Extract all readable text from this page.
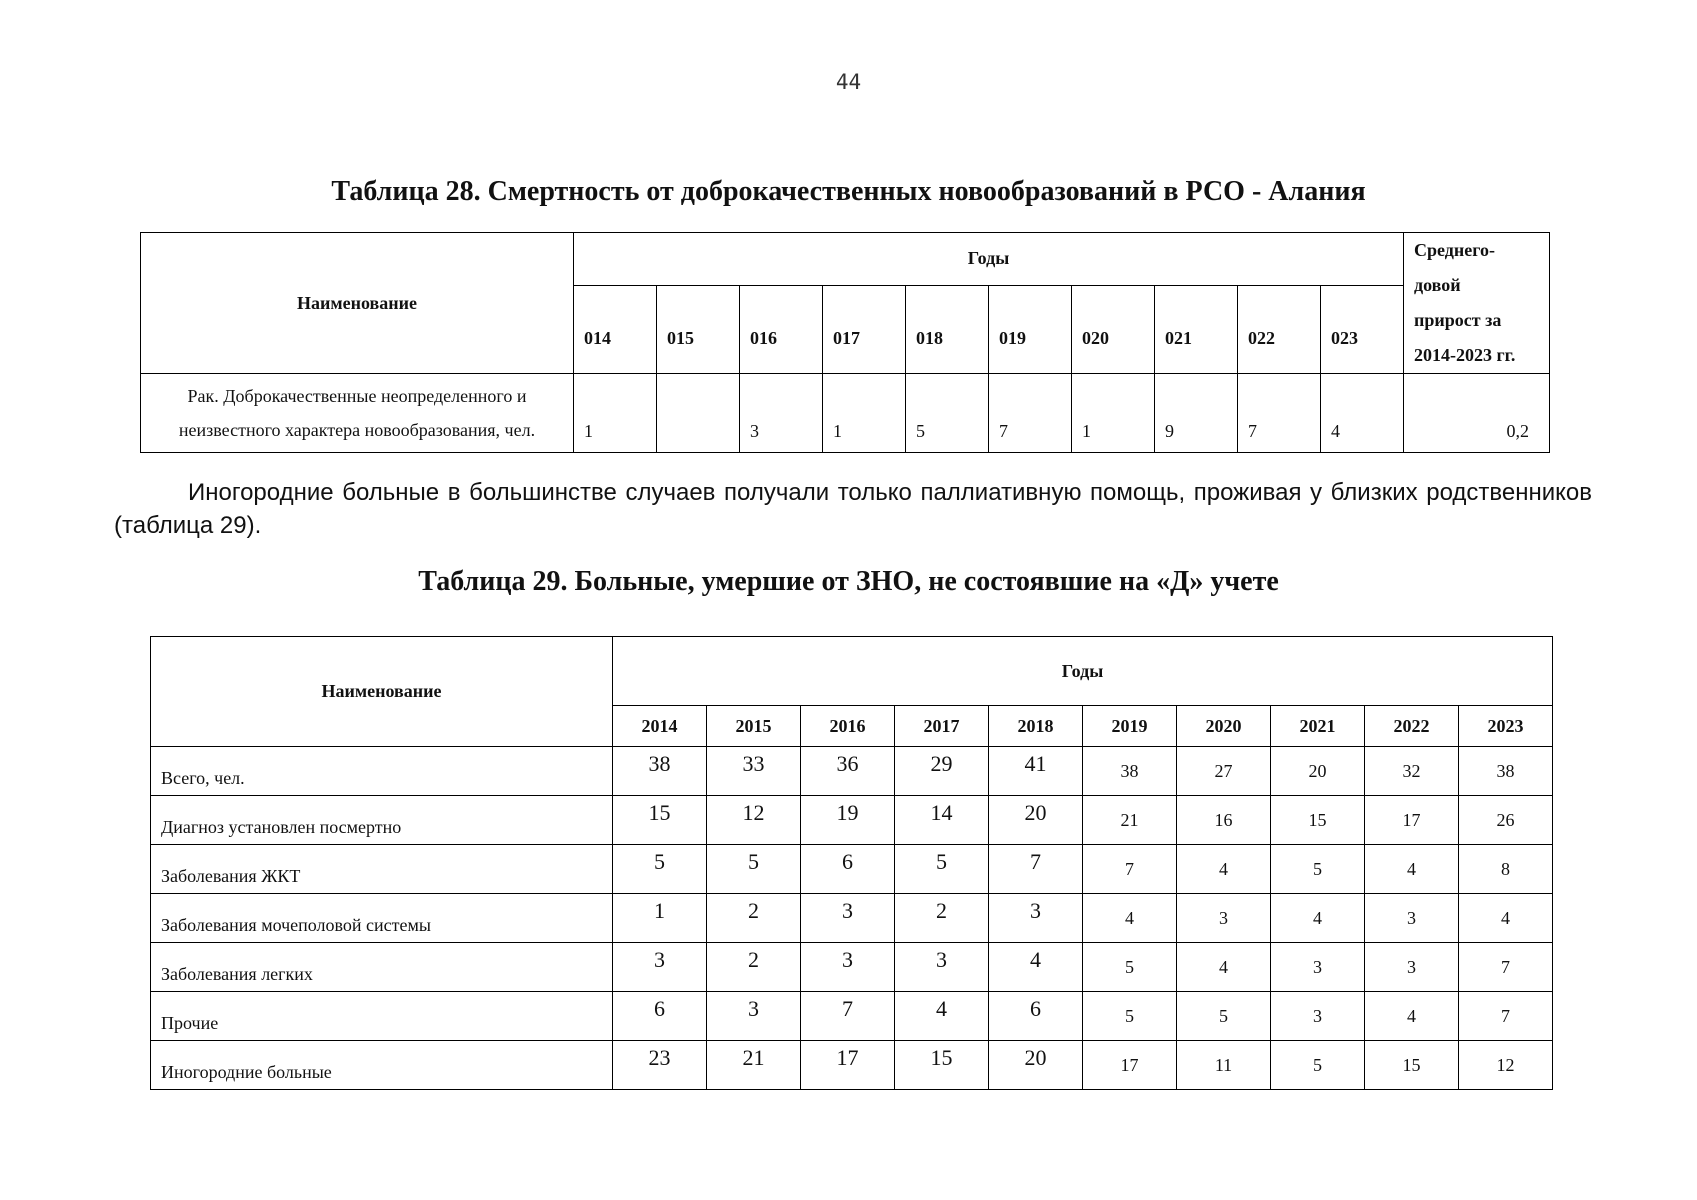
44
Таблица 28. Смертность от доброкачественных новообразований в РСО - Алания
Наименование	Годы										Среднего-
довой
прирост за
2014-2023 гг.
	014	015	016	017	018	019	020	021	022	023	
Рак. Доброкачественные неопределенного и
неизвестного характера новообразования, чел.	1		3	1	5	7	1	9	7	4	0,2

Иногородние больные в большинстве случаев получали только паллиативную помощь, проживая у близких родственников (таблица 29).

Таблица 29. Больные, умершие от ЗНО, не состоявшие на «Д» учете
Наименование	Годы									
	2014	2015	2016	2017	2018	2019	2020	2021	2022	2023
Всего, чел.	38	33	36	29	41	38	27	20	32	38
Диагноз установлен посмертно	15	12	19	14	20	21	16	15	17	26
Заболевания ЖКТ	5	5	6	5	7	7	4	5	4	8
Заболевания мочеполовой системы	1	2	3	2	3	4	3	4	3	4
Заболевания легких	3	2	3	3	4	5	4	3	3	7
Прочие	6	3	7	4	6	5	5	3	4	7
Иногородние больные	23	21	17	15	20	17	11	5	15	12
